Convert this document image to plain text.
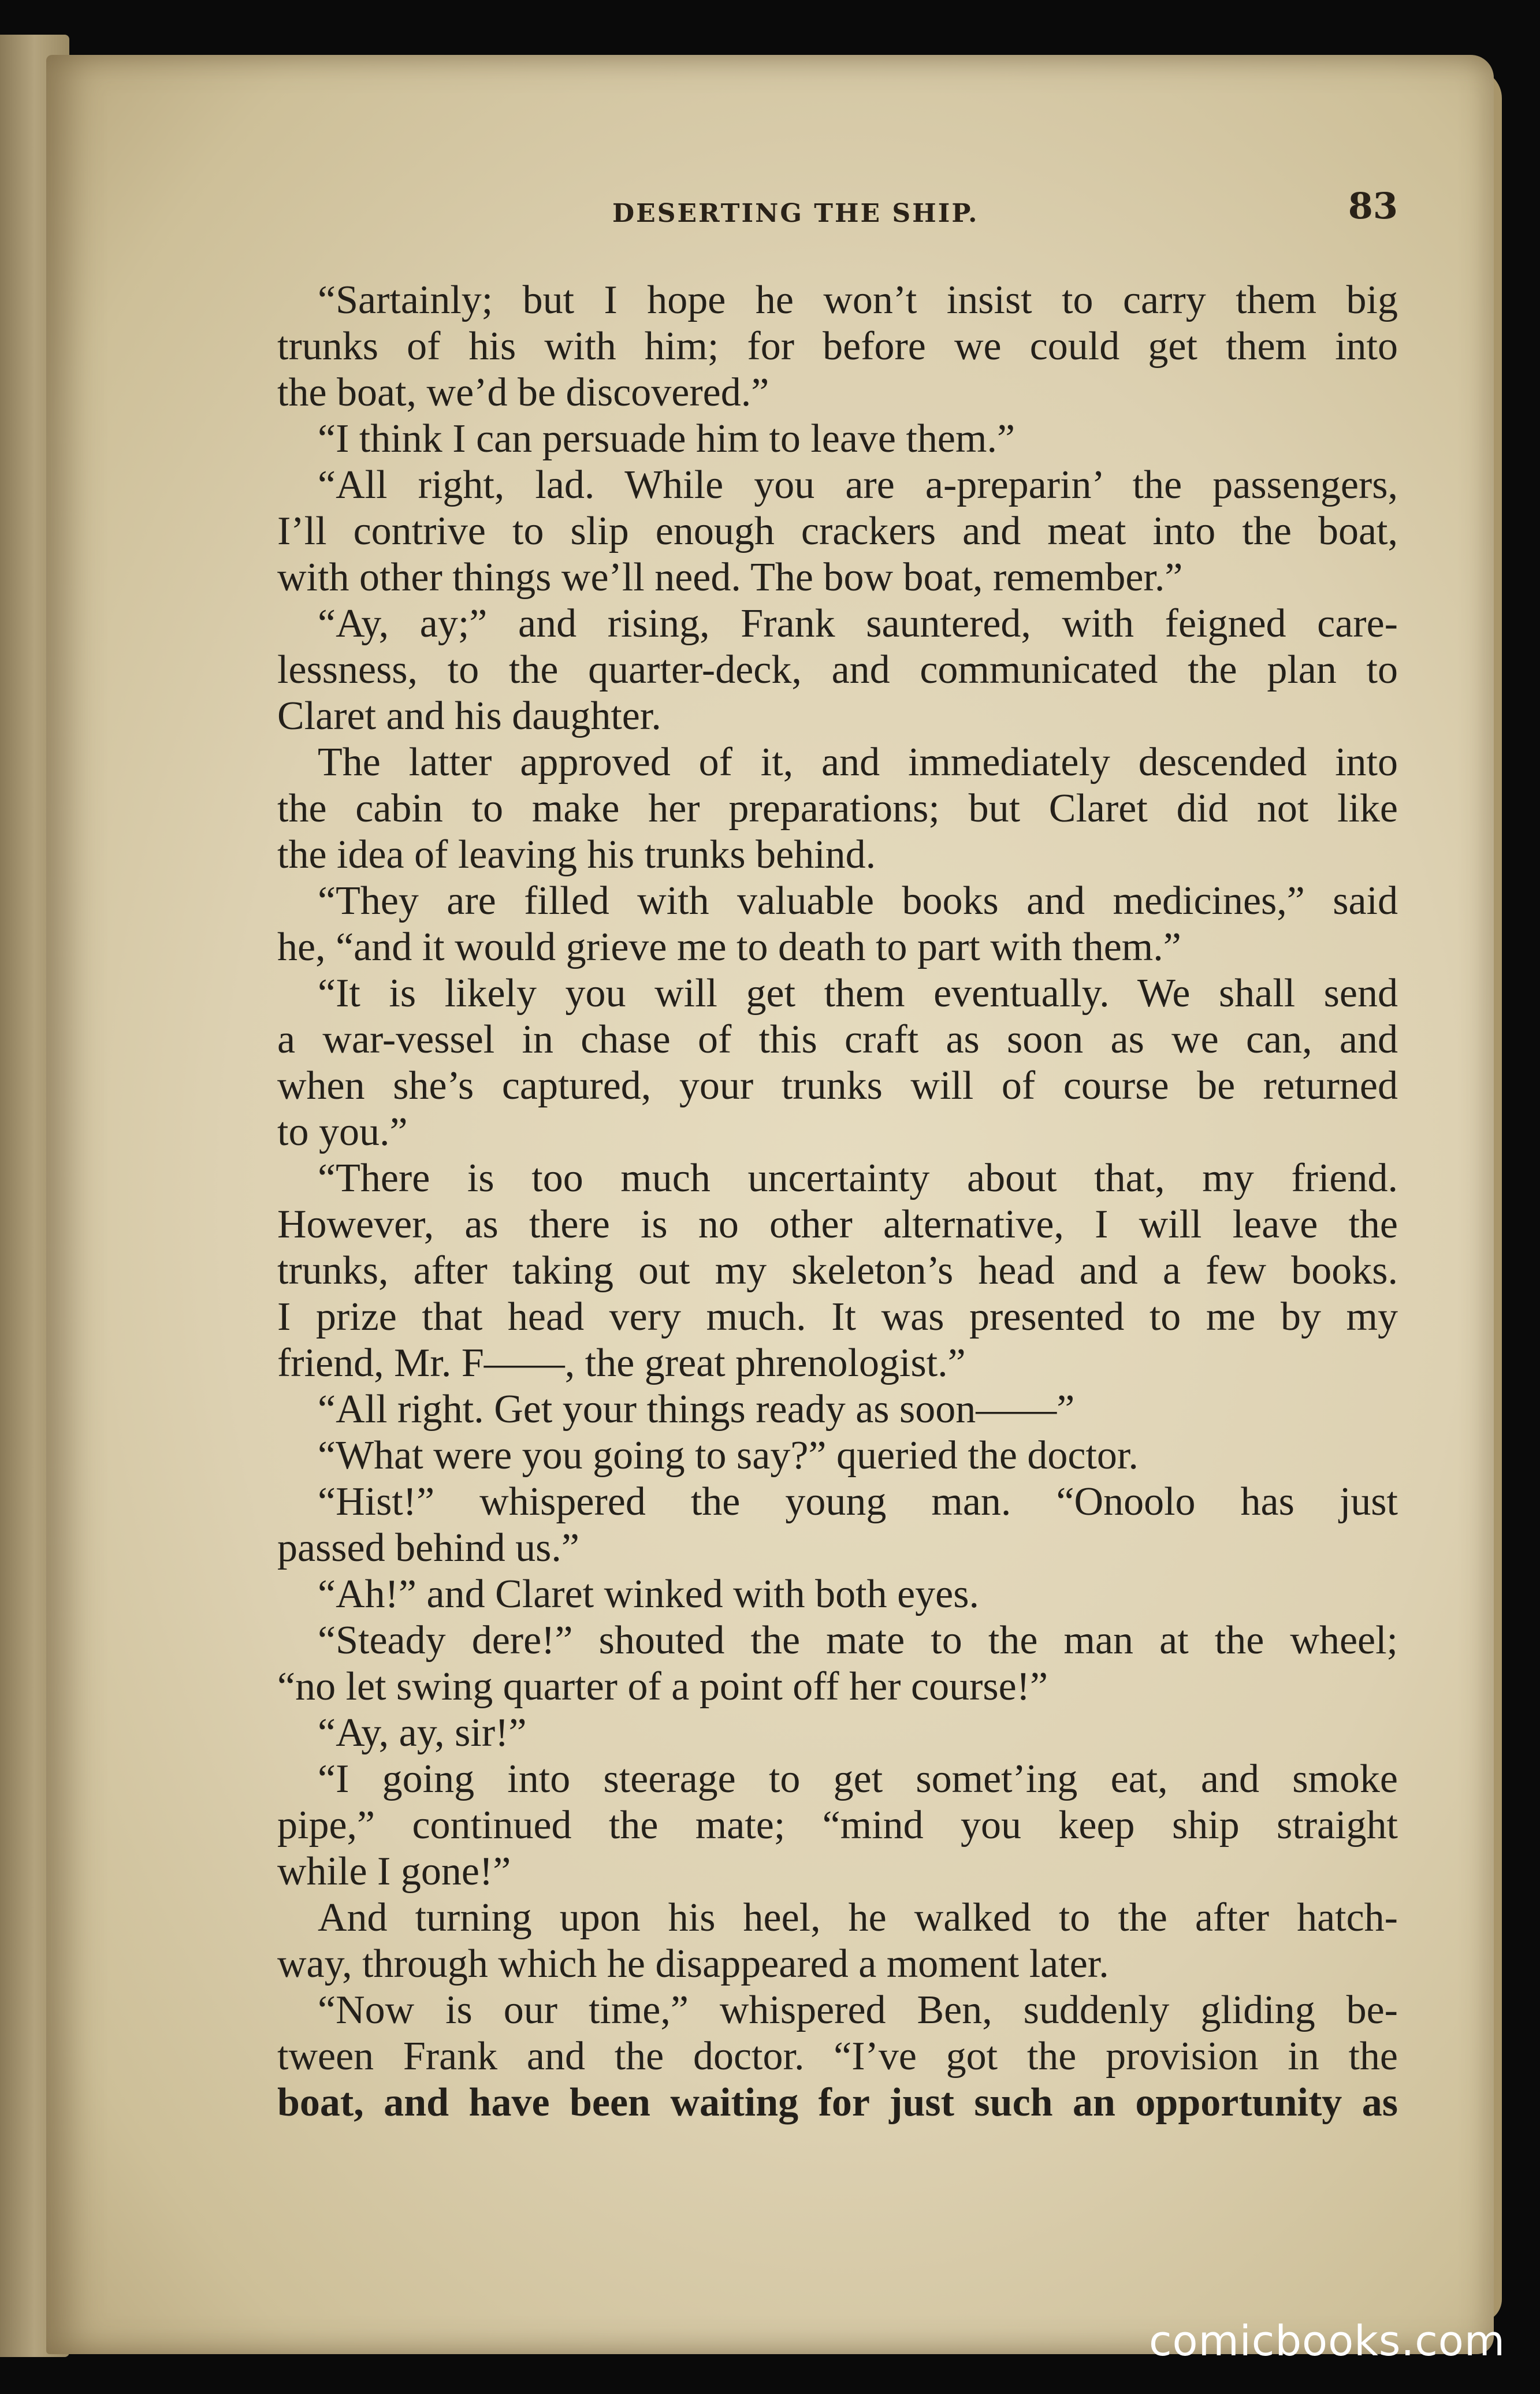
DESERTING THE SHIP.	83
“Sartainly; but I hope he won’t insist to carry them big
trunks of his with him; for before we could get them into
the boat, we’d be discovered.”
“I think I can persuade him to leave them.”
“All right, lad. While you are a-preparin’ the passengers,
I’ll contrive to slip enough crackers and meat into the boat,
with other things we’ll need. The bow boat, remember.”
“Ay, ay;” and rising, Frank sauntered, with feigned care-
lessness, to the quarter-deck, and communicated the plan to
Claret and his daughter.
The latter approved of it, and immediately descended into
the cabin to make her preparations; but Claret did not like
the idea of leaving his trunks behind.
“They are filled with valuable books and medicines,” said
he, “and it would grieve me to death to part with them.”
“It is likely you will get them eventually. We shall send
a war-vessel in chase of this craft as soon as we can, and
when she’s captured, your trunks will of course be returned
to you.”
“There is too much uncertainty about that, my friend.
However, as there is no other alternative, I will leave the
trunks, after taking out my skeleton’s head and a few books.
I prize that head very much. It was presented to me by my
friend, Mr. F——, the great phrenologist.”
“All right. Get your things ready as soon——”
“What were you going to say?” queried the doctor.
“Hist!” whispered the young man. “Onoolo has just
passed behind us.”
“Ah!” and Claret winked with both eyes.
“Steady dere!” shouted the mate to the man at the wheel;
“no let swing quarter of a point off her course!”
“Ay, ay, sir!”
“I going into steerage to get somet’ing eat, and smoke
pipe,” continued the mate; “mind you keep ship straight
while I gone!”
And turning upon his heel, he walked to the after hatch-
way, through which he disappeared a moment later.
“Now is our time,” whispered Ben, suddenly gliding be-
tween Frank and the doctor. “I’ve got the provision in the
boat, and have been waiting for just such an opportunity as
comicbooks.com
